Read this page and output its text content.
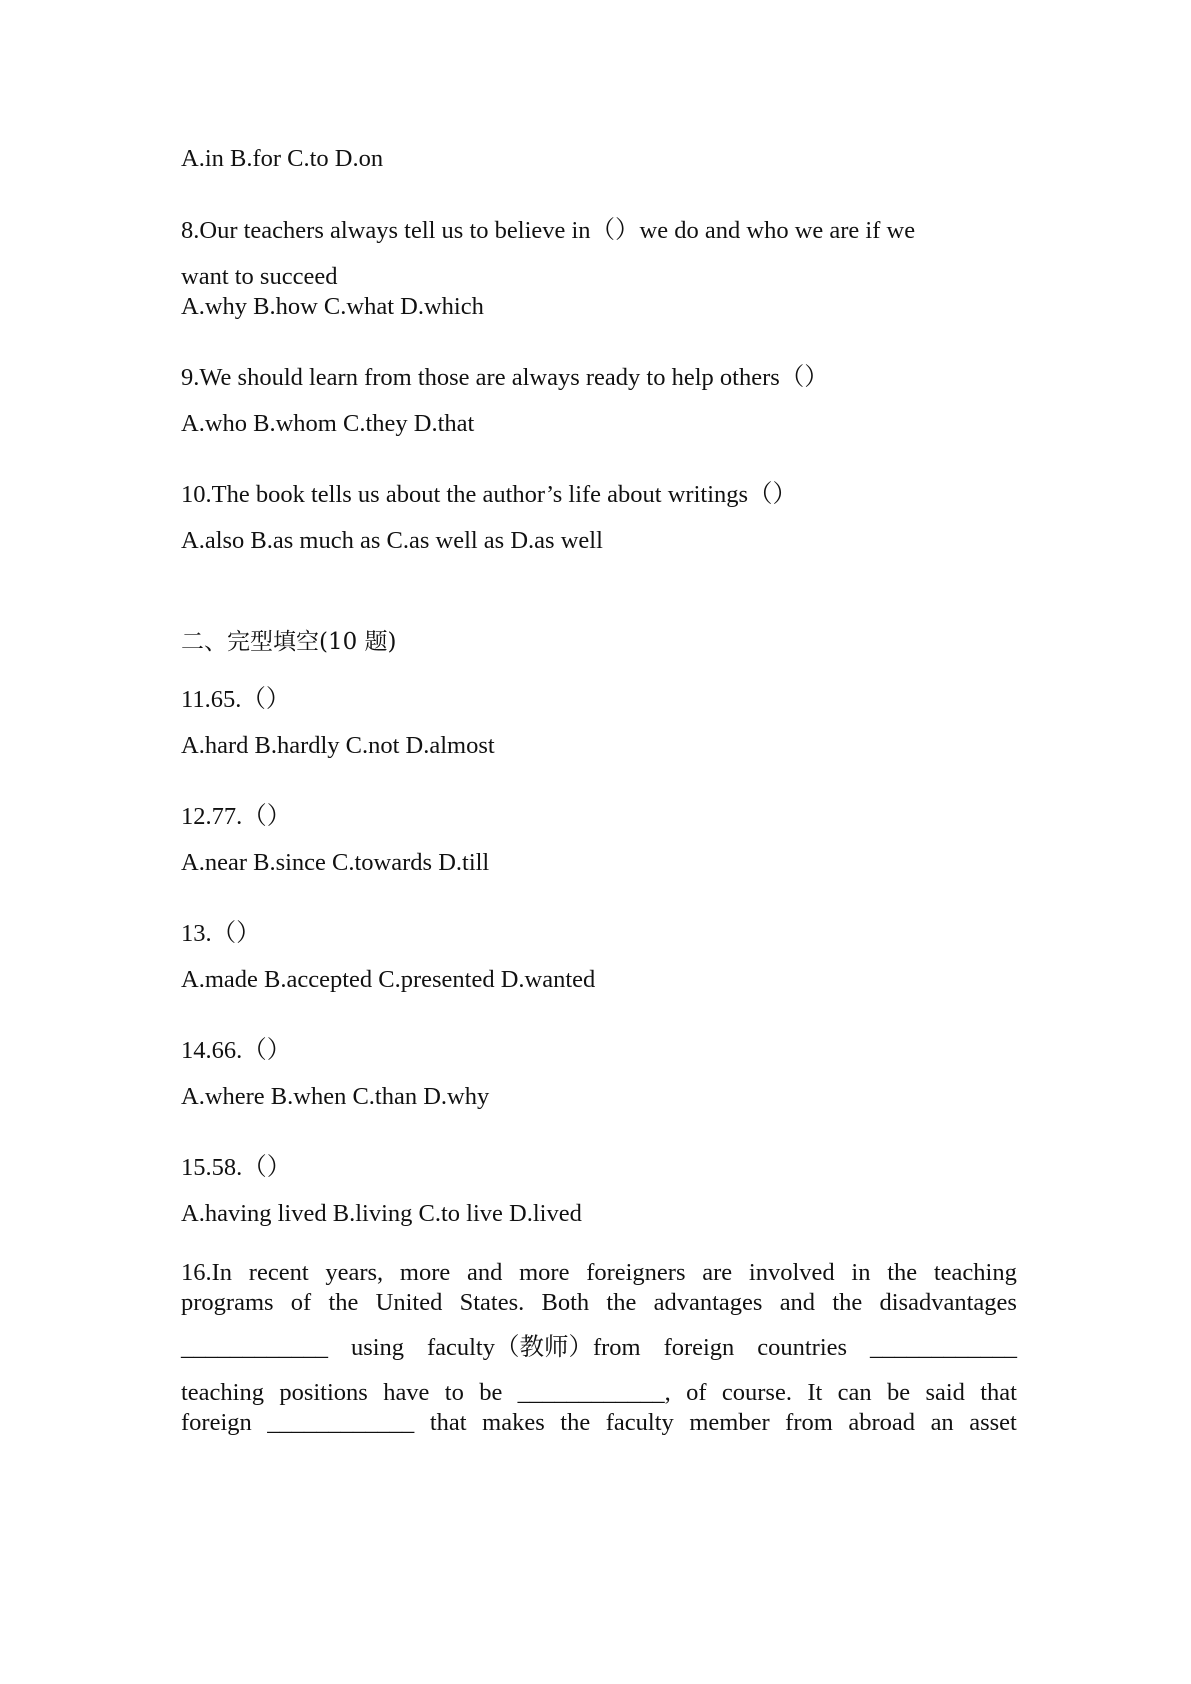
A.in B.for C.to D.on
8.Our teachers always tell us to believe in（）we do and who we are if we
want to succeed
A.why B.how C.what D.which
9.We should learn from those are always ready to help others（）
A.who B.whom C.they D.that
10.The book tells us about the author’s life about writings（）
A.also B.as much as C.as well as D.as well
二、完型填空(10 题)
11.65.（）
A.hard B.hardly C.not D.almost
12.77.（）
A.near B.since C.towards D.till
13.（）
A.made B.accepted C.presented D.wanted
14.66.（）
A.where B.when C.than D.why
15.58.（）
A.having lived B.living C.to live D.lived
16.In recent years, more and more foreigners are involved in the teaching
programs of the United States. Both the advantages and the disadvantages
____________ using faculty（教师）from foreign countries ____________
teaching positions have to be ____________, of course. It can be said that
foreign ____________ that makes the faculty member from abroad an asset
